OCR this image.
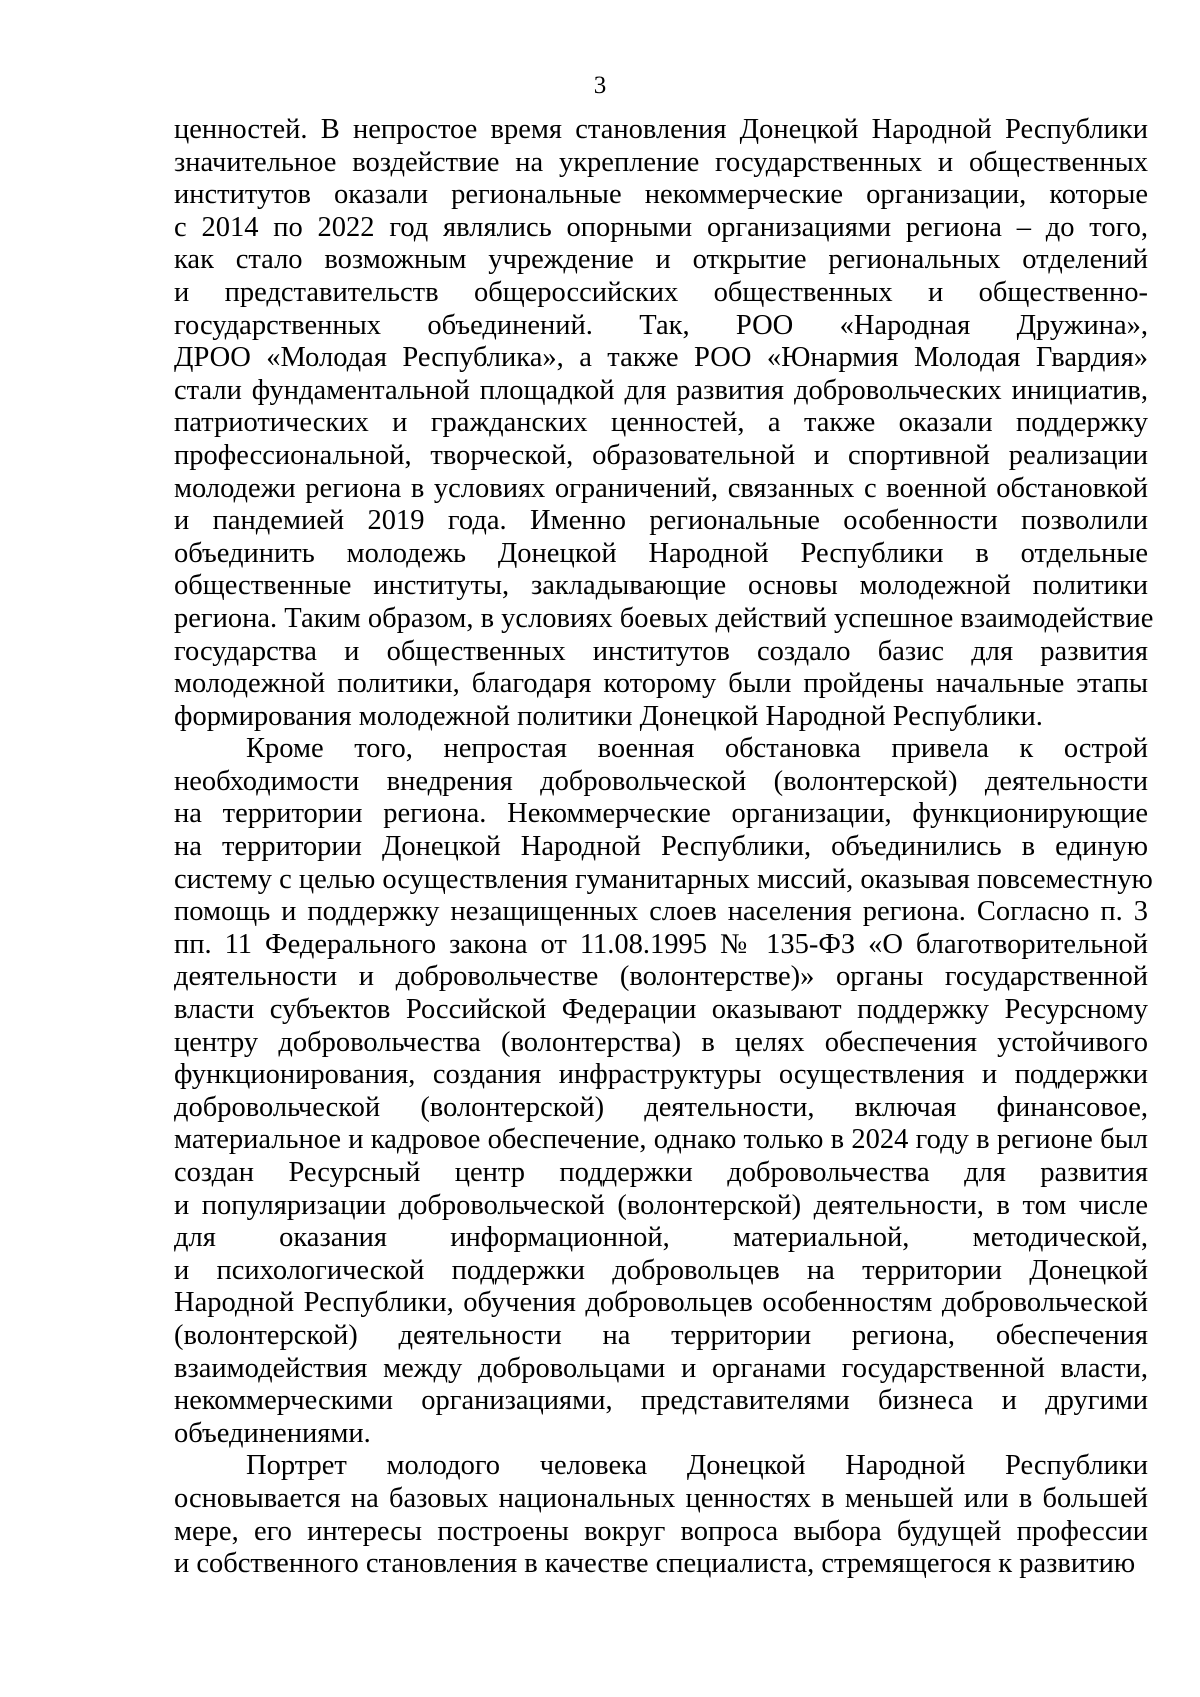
3
ценностей. В непростое время становления Донецкой Народной Республики
значительное воздействие на укрепление государственных и общественных
институтов оказали региональные некоммерческие организации, которые
с 2014 по 2022 год являлись опорными организациями региона – до того,
как стало возможным учреждение и открытие региональных отделений
и представительств общероссийских общественных и общественно-
государственных объединений. Так, РОО «Народная Дружина»,
ДРОО «Молодая Республика», а также РОО «Юнармия Молодая Гвардия»
стали фундаментальной площадкой для развития добровольческих инициатив,
патриотических и гражданских ценностей, а также оказали поддержку
профессиональной, творческой, образовательной и спортивной реализации
молодежи региона в условиях ограничений, связанных с военной обстановкой
и пандемией 2019 года. Именно региональные особенности позволили
объединить молодежь Донецкой Народной Республики в отдельные
общественные институты, закладывающие основы молодежной политики
региона. Таким образом, в условиях боевых действий успешное взаимодействие
государства и общественных институтов создало базис для развития
молодежной политики, благодаря которому были пройдены начальные этапы
формирования молодежной политики Донецкой Народной Республики.
Кроме того, непростая военная обстановка привела к острой
необходимости внедрения добровольческой (волонтерской) деятельности
на территории региона. Некоммерческие организации, функционирующие
на территории Донецкой Народной Республики, объединились в единую
систему с целью осуществления гуманитарных миссий, оказывая повсеместную
помощь и поддержку незащищенных слоев населения региона. Согласно п. 3
пп. 11 Федерального закона от 11.08.1995 № 135-ФЗ «О благотворительной
деятельности и добровольчестве (волонтерстве)» органы государственной
власти субъектов Российской Федерации оказывают поддержку Ресурсному
центру добровольчества (волонтерства) в целях обеспечения устойчивого
функционирования, создания инфраструктуры осуществления и поддержки
добровольческой (волонтерской) деятельности, включая финансовое,
материальное и кадровое обеспечение, однако только в 2024 году в регионе был
создан Ресурсный центр поддержки добровольчества для развития
и популяризации добровольческой (волонтерской) деятельности, в том числе
для оказания информационной, материальной, методической,
и психологической поддержки добровольцев на территории Донецкой
Народной Республики, обучения добровольцев особенностям добровольческой
(волонтерской) деятельности на территории региона, обеспечения
взаимодействия между добровольцами и органами государственной власти,
некоммерческими организациями, представителями бизнеса и другими
объединениями.
Портрет молодого человека Донецкой Народной Республики
основывается на базовых национальных ценностях в меньшей или в большей
мере, его интересы построены вокруг вопроса выбора будущей профессии
и собственного становления в качестве специалиста, стремящегося к развитию
